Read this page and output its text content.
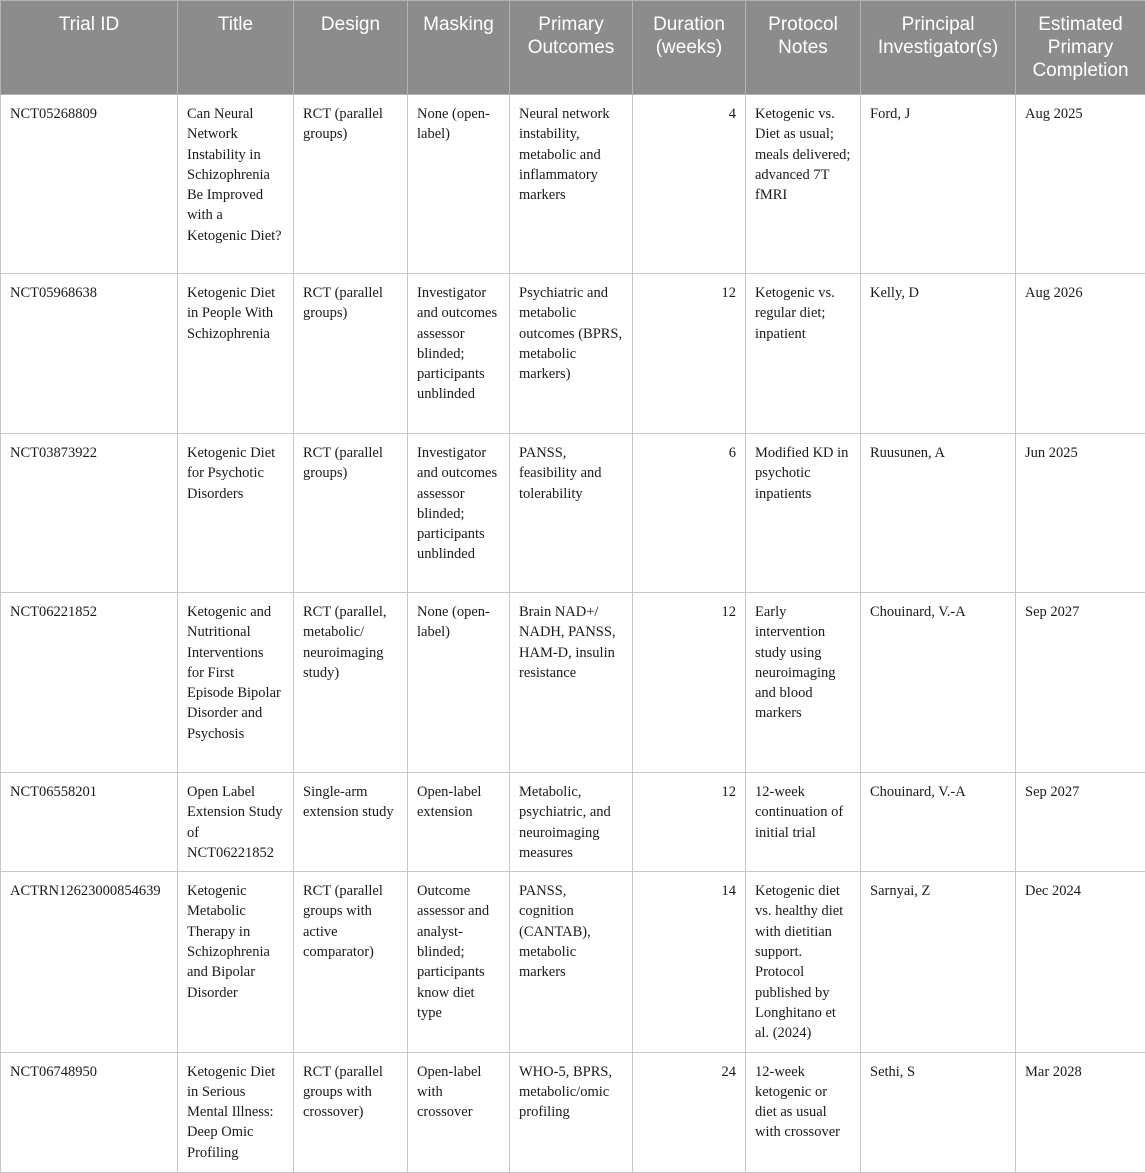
Trial ID	Title	Design	Masking	Primary Outcomes	Duration (weeks)	Protocol Notes	Principal Investigator(s)	Estimated Primary Completion
NCT05268809	Can Neural Network Instability in Schizophrenia Be Improved with a Ketogenic Diet?	RCT (parallel groups)	None (open-label)	Neural network instability, metabolic and inflammatory markers	4	Ketogenic vs. Diet as usual; meals delivered; advanced 7T fMRI	Ford, J	Aug 2025
NCT05968638	Ketogenic Diet in People With Schizophrenia	RCT (parallel groups)	Investigator and outcomes assessor blinded; participants unblinded	Psychiatric and metabolic outcomes (BPRS, metabolic markers)	12	Ketogenic vs. regular diet; inpatient	Kelly, D	Aug 2026
NCT03873922	Ketogenic Diet for Psychotic Disorders	RCT (parallel groups)	Investigator and outcomes assessor blinded; participants unblinded	PANSS, feasibility and tolerability	6	Modified KD in psychotic inpatients	Ruusunen, A	Jun 2025
NCT06221852	Ketogenic and Nutritional Interventions for First Episode Bipolar Disorder and Psychosis	RCT (parallel, metabolic/ neuroimaging study)	None (open-label)	Brain NAD+/ NADH, PANSS, HAM-D, insulin resistance	12	Early intervention study using neuroimaging and blood markers	Chouinard, V.-A	Sep 2027
NCT06558201	Open Label Extension Study of NCT06221852	Single-arm extension study	Open-label extension	Metabolic, psychiatric, and neuroimaging measures	12	12-week continuation of initial trial	Chouinard, V.-A	Sep 2027
ACTRN12623000854639	Ketogenic Metabolic Therapy in Schizophrenia and Bipolar Disorder	RCT (parallel groups with active comparator)	Outcome assessor and analyst-blinded; participants know diet type	PANSS, cognition (CANTAB), metabolic markers	14	Ketogenic diet vs. healthy diet with dietitian support. Protocol published by Longhitano et al. (2024)	Sarnyai, Z	Dec 2024
NCT06748950	Ketogenic Diet in Serious Mental Illness: Deep Omic Profiling	RCT (parallel groups with crossover)	Open-label with crossover	WHO-5, BPRS, metabolic/omic profiling	24	12-week ketogenic or diet as usual with crossover	Sethi, S	Mar 2028
